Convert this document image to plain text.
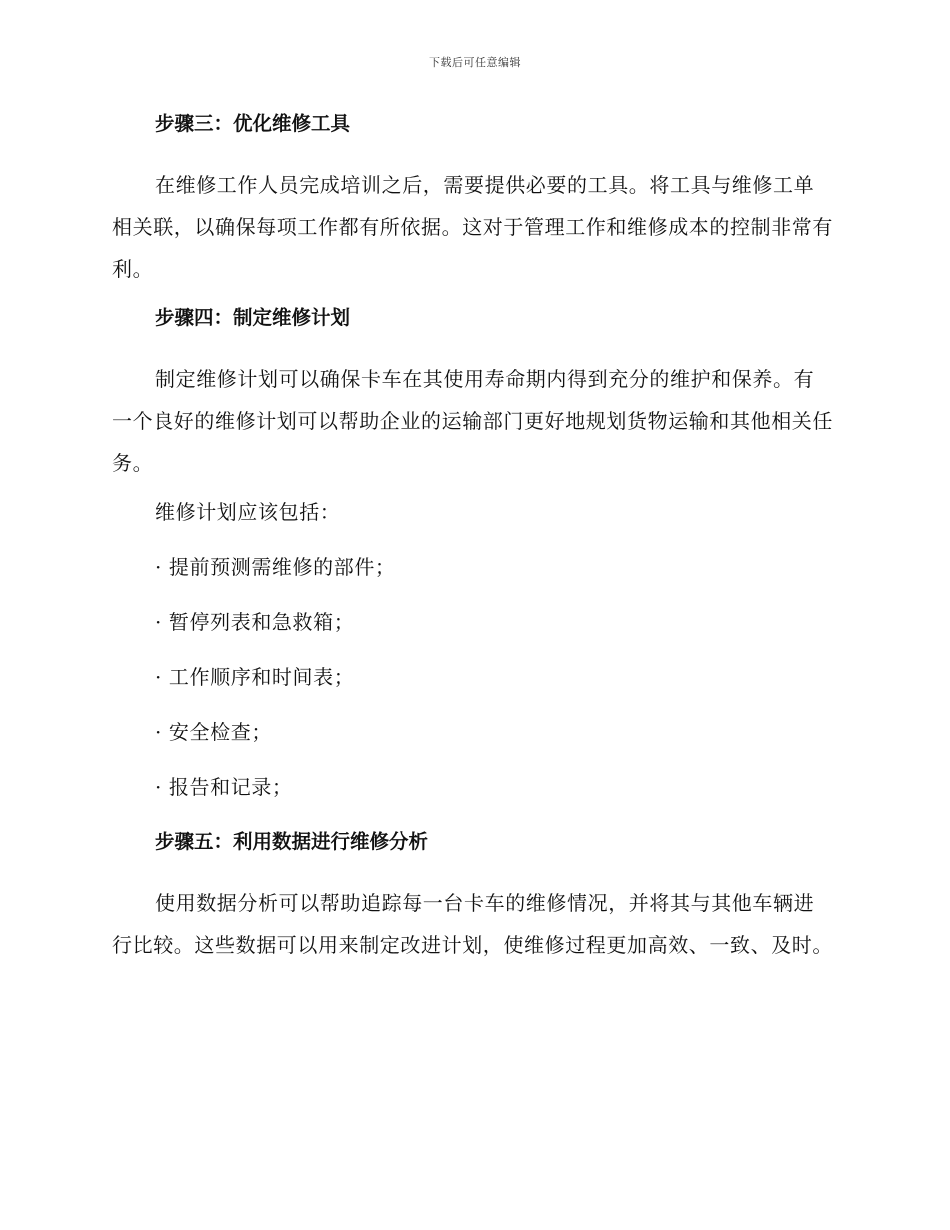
下载后可任意编辑
步骤三：优化维修工具

在维修工作人员完成培训之后，需要提供必要的工具。将工具与维修工单相关联，以确保每项工作都有所依据。这对于管理工作和维修成本的控制非常有利。

步骤四：制定维修计划

制定维修计划可以确保卡车在其使用寿命期内得到充分的维护和保养。有一个良好的维修计划可以帮助企业的运输部门更好地规划货物运输和其他相关任务。

维修计划应该包括：
· 提前预测需维修的部件；
· 暂停列表和急救箱；
· 工作顺序和时间表；
· 安全检查；
· 报告和记录；
步骤五：利用数据进行维修分析

使用数据分析可以帮助追踪每一台卡车的维修情况，并将其与其他车辆进行比较。这些数据可以用来制定改进计划，使维修过程更加高效、一致、及时。
